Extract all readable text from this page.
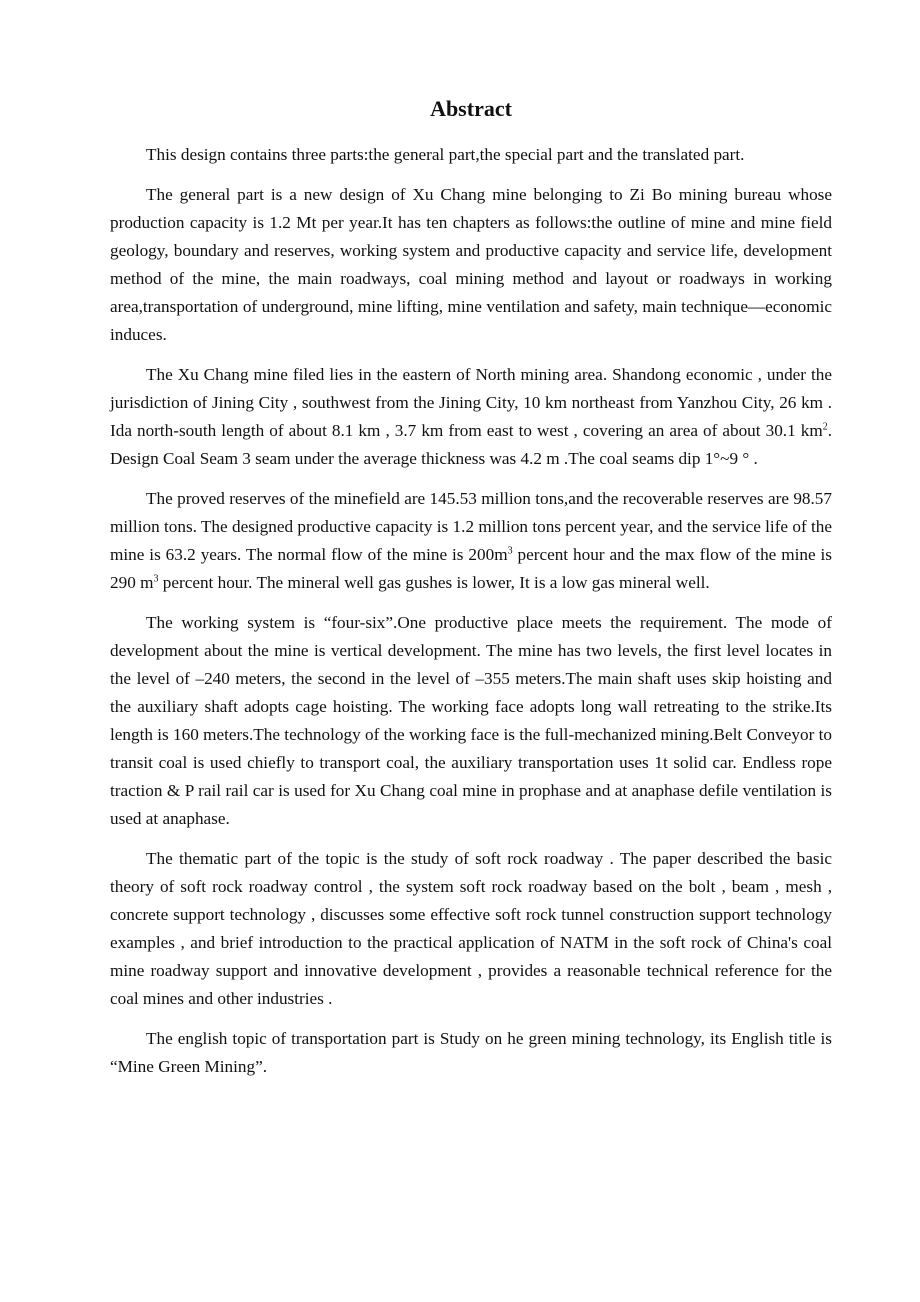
Abstract

This design contains three parts:the general part,the special part and the translated part.

The general part is a new design of Xu Chang mine belonging to Zi Bo mining bureau whose production capacity is 1.2 Mt per year.It has ten chapters as follows:the outline of mine and mine field geology, boundary and reserves, working system and productive capacity and service life, development method of the mine, the main roadways, coal mining method and layout or roadways in working area,transportation of underground, mine lifting, mine ventilation and safety, main technique—economic induces.

The Xu Chang mine filed lies in the eastern of North mining area. Shandong economic , under the jurisdiction of Jining City , southwest from the Jining City, 10 km northeast from Yanzhou City, 26 km . Ida north-south length of about 8.1 km , 3.7 km from east to west , covering an area of about 30.1 $km^2$. Design Coal Seam 3 seam under the average thickness was 4.2 m .The coal seams dip 1°~9 ° .

The proved reserves of the minefield are 145.53 million tons,and the recoverable reserves are 98.57 million tons. The designed productive capacity is 1.2 million tons percent year, and the service life of the mine is 63.2 years. The normal flow of the mine is $200m^3$ percent hour and the max flow of the mine is 290 $m^3$ percent hour. The mineral well gas gushes is lower, It is a low gas mineral well.

The working system is “four-six”.One productive place meets the requirement. The mode of development about the mine is vertical development. The mine has two levels, the first level locates in the level of –240 meters, the second in the level of –355 meters.The main shaft uses skip hoisting and the auxiliary shaft adopts cage hoisting. The working face adopts long wall retreating to the strike.Its length is 160 meters.The technology of the working face is the full-mechanized mining.Belt Conveyor to transit coal is used chiefly to transport coal, the auxiliary transportation uses 1t solid car. Endless rope traction & P rail rail car is used for Xu Chang coal mine in prophase and at anaphase defile ventilation is used at anaphase.

The thematic part of the topic is the study of soft rock roadway . The paper described the basic theory of soft rock roadway control , the system soft rock roadway based on the bolt , beam , mesh , concrete support technology , discusses some effective soft rock tunnel construction support technology examples , and brief introduction to the practical application of NATM in the soft rock of China's coal mine roadway support and innovative development , provides a reasonable technical reference for the coal mines and other industries .

The english topic of transportation part is Study on he green mining technology, its English title is “Mine Green Mining”.
